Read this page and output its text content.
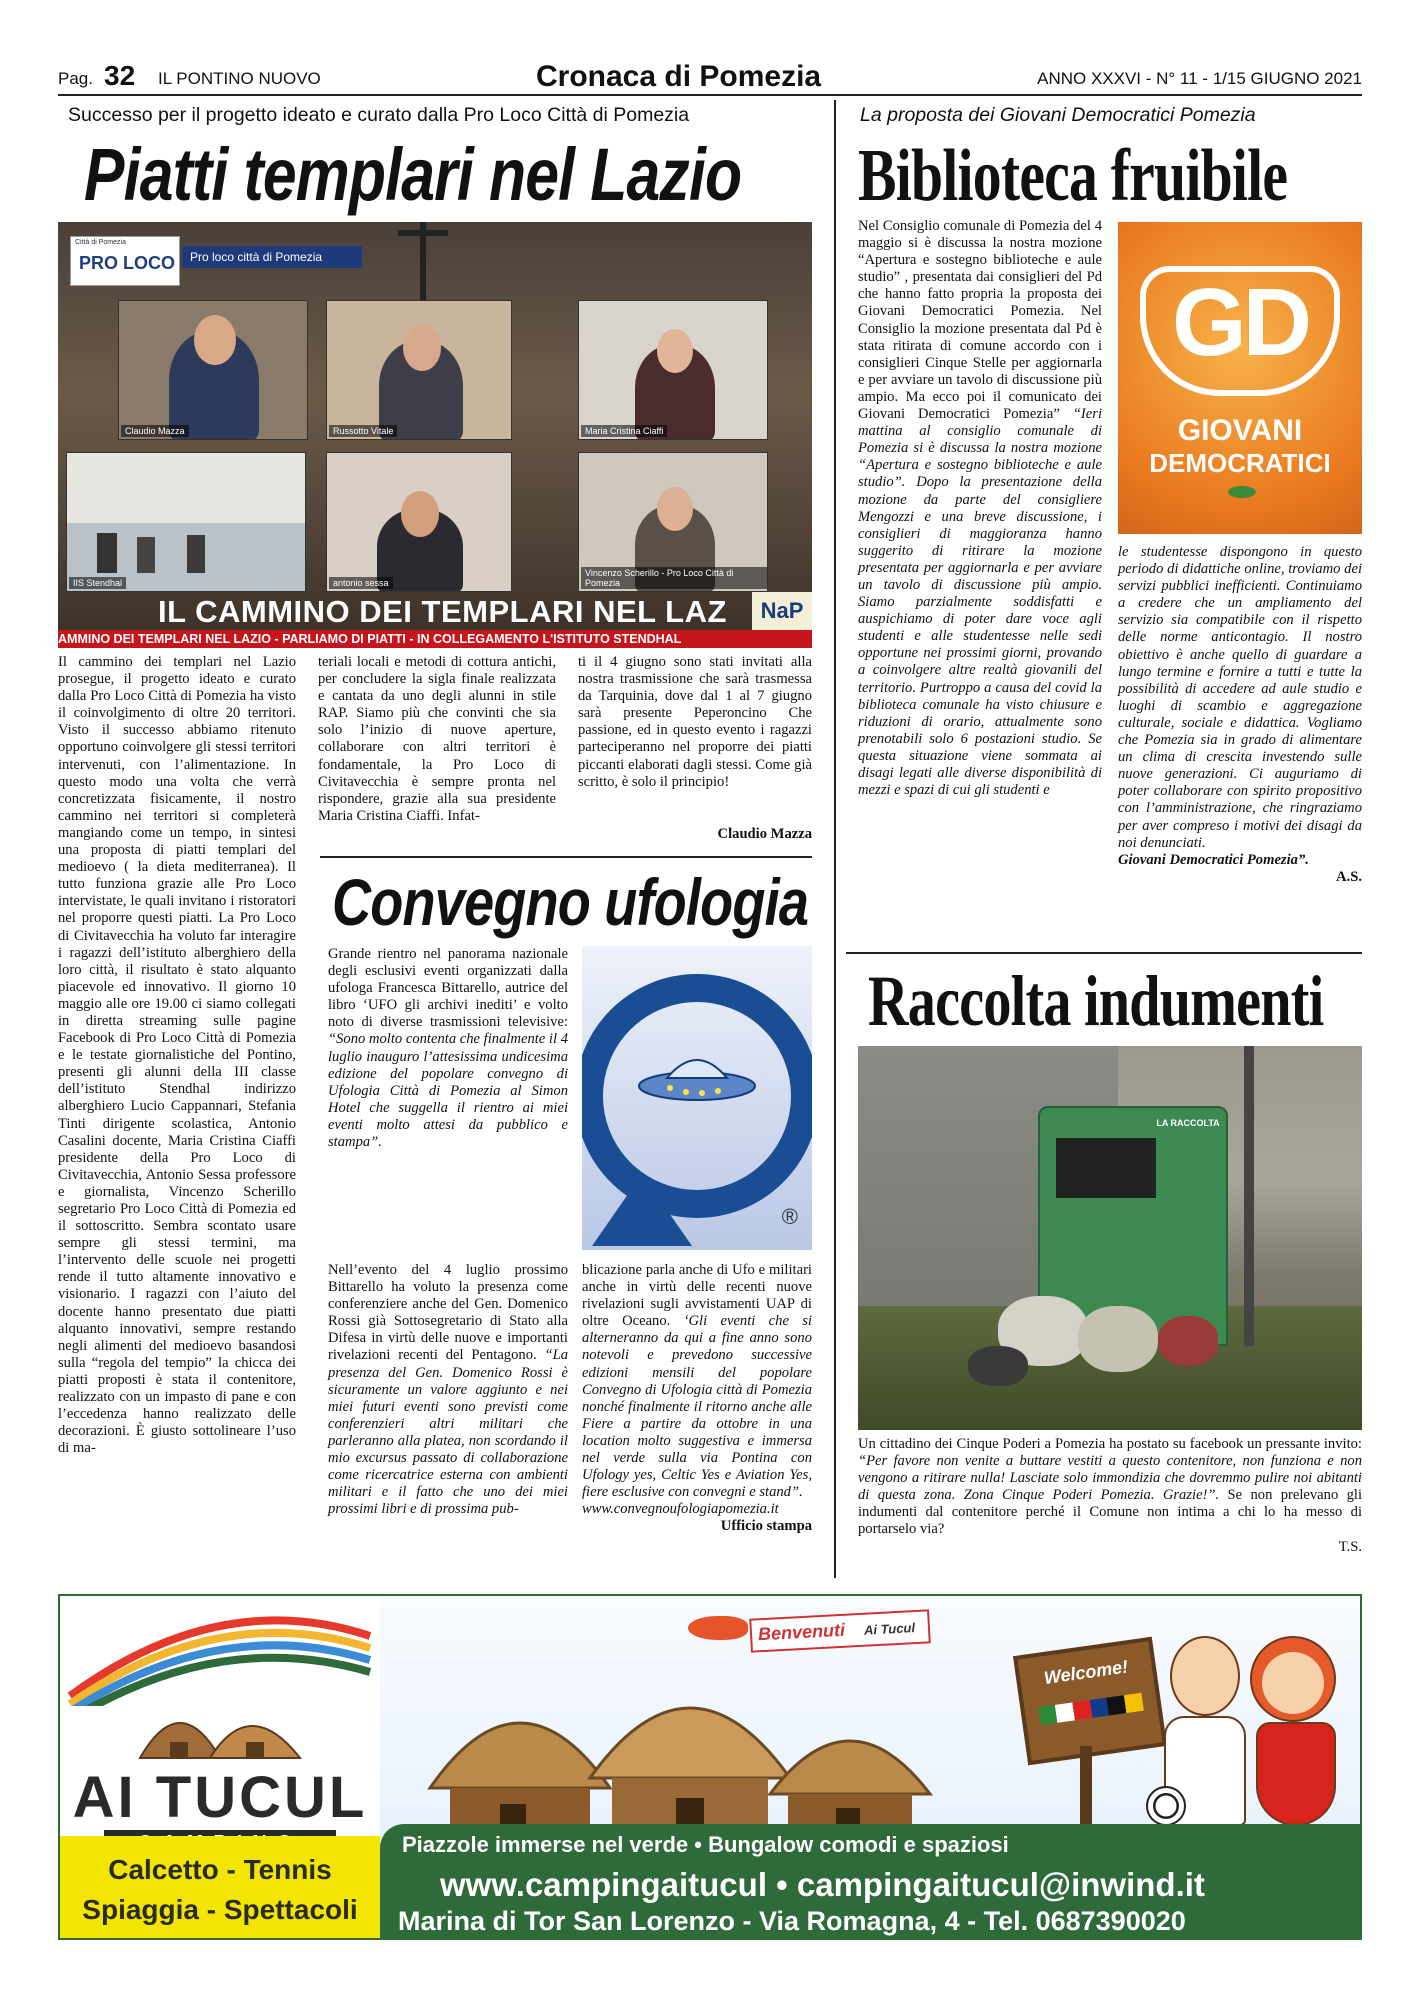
Pag. 32 IL PONTINO NUOVO	Cronaca di Pomezia	ANNO XXXVI - N° 11 - 1/15 GIUGNO 2021
Successo per il progetto ideato e curato dalla Pro Loco Città di Pomezia
Piatti templari nel Lazio
Città di Pomezia
PRO LOCO	Pro loco città di Pomezia
Claudio Mazza	Russotto Vitale	Maria Cristina Ciaffi
IIS Stendhal	antonio sessa
Vincenzo Scherillo - Pro Loco Città di Pomezia
IL CAMMINO DEI TEMPLARI NEL LAZ	NaP
AMMINO DEI TEMPLARI NEL LAZIO - PARLIAMO DI PIATTI - IN COLLEGAMENTO L'ISTITUTO STENDHAL
Il cammino dei templari nel Lazio prosegue, il progetto ideato e curato dalla Pro Loco Città di Pomezia ha visto il coinvolgimento di oltre 20 territori. Visto il successo abbiamo ritenuto opportuno coinvolgere gli stessi territori intervenuti, con l’alimentazione. In questo modo una volta che verrà concretizzata fisicamente, il nostro cammino nei territori si completerà mangiando come un tempo, in sintesi una proposta di piatti templari del medioevo ( la dieta mediterranea). Il tutto funziona grazie alle Pro Loco intervistate, le quali invitano i ristoratori nel proporre questi piatti. La Pro Loco di Civitavecchia ha voluto far interagire i ragazzi dell’istituto alberghiero della loro città, il risultato è stato alquanto piacevole ed innovativo. Il giorno 10 maggio alle ore 19.00 ci siamo collegati in diretta streaming sulle pagine Facebook di Pro Loco Città di Pomezia e le testate giornalistiche del Pontino, presenti gli alunni della III classe dell’istituto Stendhal indirizzo alberghiero Lucio Cappannari, Stefania Tinti dirigente scolastica, Antonio Casalini docente, Maria Cristina Ciaffi presidente della Pro Loco di Civitavecchia, Antonio Sessa professore e giornalista, Vincenzo Scherillo segretario Pro Loco Città di Pomezia ed il sottoscritto. Sembra scontato usare sempre gli stessi termini, ma l’intervento delle scuole nei progetti rende il tutto altamente innovativo e visionario. I ragazzi con l’aiuto del docente hanno presentato due piatti alquanto innovativi, sempre restando negli alimenti del medioevo basandosi sulla “regola del tempio” la chicca dei piatti proposti è stata il contenitore, realizzato con un impasto di pane e con l’eccedenza hanno realizzato delle decorazioni. È giusto sottolineare l’uso di ma-
teriali locali e metodi di cottura antichi, per concludere la sigla finale realizzata e cantata da uno degli alunni in stile RAP. Siamo più che convinti che sia solo l’inizio di nuove aperture, collaborare con altri territori è fondamentale, la Pro Loco di Civitavecchia è sempre pronta nel rispondere, grazie alla sua presidente Maria Cristina Ciaffi. Infat-
ti il 4 giugno sono stati invitati alla nostra trasmissione che sarà trasmessa da Tarquinia, dove dal 1 al 7 giugno sarà presente Peperoncino Che passione, ed in questo evento i ragazzi parteciperanno nel proporre dei piatti piccanti elaborati dagli stessi. Come già scritto, è solo il principio!
Claudio Mazza
Convegno ufologia
®
Grande rientro nel panorama nazionale degli esclusivi eventi organizzati dalla ufologa Francesca Bittarello, autrice del libro ‘UFO gli archivi inediti’ e volto noto di diverse trasmissioni televisive: “Sono molto contenta che finalmente il 4 luglio inauguro l’attesissima undicesima edizione del popolare convegno di Ufologia Città di Pomezia al Simon Hotel che suggella il rientro ai miei eventi molto attesi da pubblico e stampa”.
Nell’evento del 4 luglio prossimo Bittarello ha voluto la presenza come conferenziere anche del Gen. Domenico Rossi già Sottosegretario di Stato alla Difesa in virtù delle nuove e importanti rivelazioni recenti del Pentagono. “La presenza del Gen. Domenico Rossi è sicuramente un valore aggiunto e nei miei futuri eventi sono previsti come conferenzieri altri militari che parleranno alla platea, non scordando il mio excursus passato di collaborazione come ricercatrice esterna con ambienti militari e il fatto che uno dei miei prossimi libri e di prossima pub-
blicazione parla anche di Ufo e militari anche in virtù delle recenti nuove rivelazioni sugli avvistamenti UAP di oltre Oceano. ‘Gli eventi che si alterneranno da qui a fine anno sono notevoli e prevedono successive edizioni mensili del popolare Convegno di Ufologia città di Pomezia nonché finalmente il ritorno anche alle Fiere a partire da ottobre in una location molto suggestiva e immersa nel verde sulla via Pontina con Ufology yes, Celtic Yes e Aviation Yes, fiere esclusive con convegni e stand”.
www.convegnoufologiapomezia.it
Ufficio stampa
La proposta dei Giovani Democratici Pomezia
Biblioteca fruibile
GD
GIOVANI
DEMOCRATICI
Nel Consiglio comunale di Pomezia del 4 maggio si è discussa la nostra mozione “Apertura e sostegno biblioteche e aule studio” , presentata dai consiglieri del Pd che hanno fatto propria la proposta dei Giovani Democratici Pomezia. Nel Consiglio la mozione presentata dal Pd è stata ritirata di comune accordo con i consiglieri Cinque Stelle per aggiornarla e per avviare un tavolo di discussione più ampio. Ma ecco poi il comunicato dei Giovani Democratici Pomezia” “Ieri mattina al consiglio comunale di Pomezia si è discussa la nostra mozione “Apertura e sostegno biblioteche e aule studio”. Dopo la presentazione della mozione da parte del consigliere Mengozzi e una breve discussione, i consiglieri di maggioranza hanno suggerito di ritirare la mozione presentata per aggiornarla e per avviare un tavolo di discussione più ampio. Siamo parzialmente soddisfatti e auspichiamo di poter dare voce agli studenti e alle studentesse nelle sedi opportune nei prossimi giorni, provando a coinvolgere altre realtà giovanili del territorio. Purtroppo a causa del covid la biblioteca comunale ha visto chiusure e riduzioni di orario, attualmente sono prenotabili solo 6 postazioni studio. Se questa situazione viene sommata ai disagi legati alle diverse disponibilità di mezzi e spazi di cui gli studenti e
le studentesse dispongono in questo periodo di didattiche online, troviamo dei servizi pubblici inefficienti. Continuiamo a credere che un ampliamento del servizio sia compatibile con il rispetto delle norme anticontagio. Il nostro obiettivo è anche quello di guardare a lungo termine e fornire a tutti e tutte la possibilità di accedere ad aule studio e luoghi di scambio e aggregazione culturale, sociale e didattica. Vogliamo che Pomezia sia in grado di alimentare un clima di crescita investendo sulle nuove generazioni. Ci auguriamo di poter collaborare con spirito propositivo con l’amministrazione, che ringraziamo per aver compreso i motivi dei disagi da noi denunciati.
Giovani Democratici Pomezia”.
A.S.
Raccolta indumenti
LA RACCOLTA
Un cittadino dei Cinque Poderi a Pomezia ha postato su facebook un pressante invito: “Per favore non venite a buttare vestiti a questo contenitore, non funziona e non vengono a ritirare nulla! Lasciate solo immondizia che dovremmo pulire noi abitanti di questa zona. Zona Cinque Poderi Pomezia. Grazie!”. Se non prelevano gli indumenti dal contenitore perché il Comune non intima a chi lo ha messo di portarselo via?
T.S.
AI TUCUL
Benvenuti Ai Tucul
Welcome!
Calcetto - Tennis
Spiaggia - Spettacoli
Piazzole immerse nel verde • Bungalow comodi e spaziosi
www.campingaitucul • campingaitucul@inwind.it
Marina di Tor San Lorenzo - Via Romagna, 4 - Tel. 0687390020
